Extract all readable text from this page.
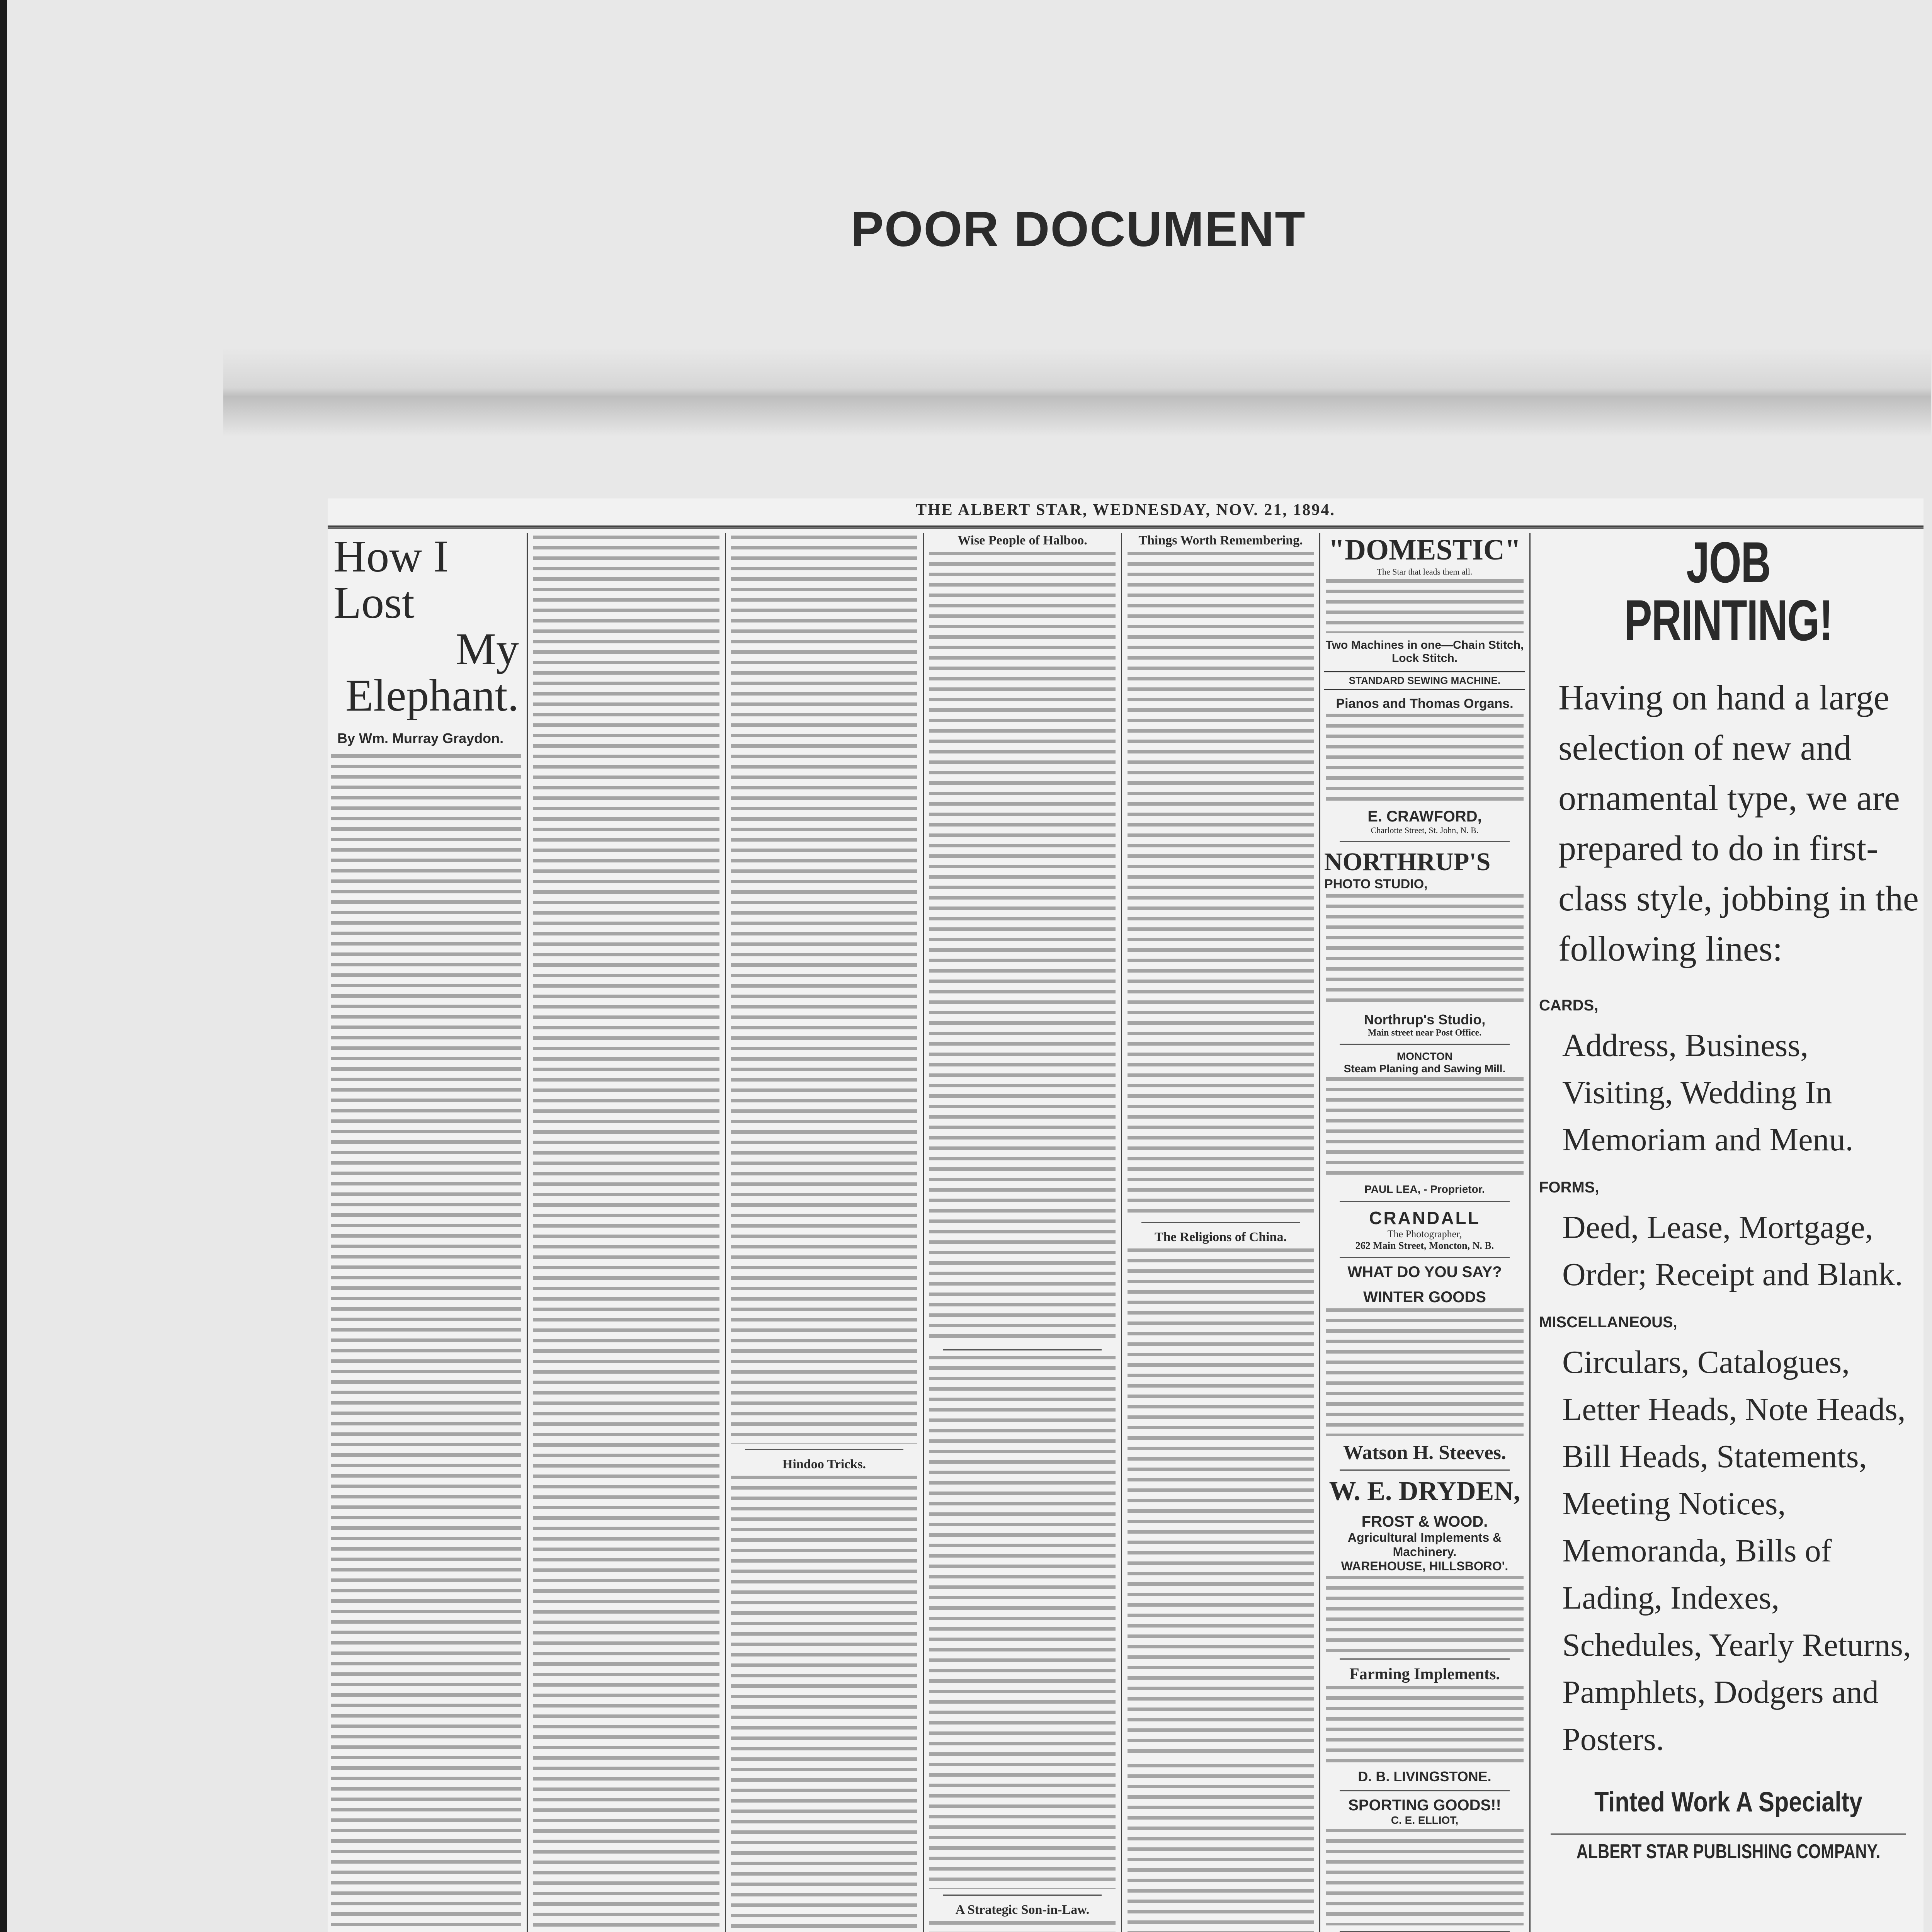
POOR DOCUMENT
THE ALBERT STAR, WEDNESDAY, NOV. 21, 1894.
How I Lost
My Elephant.
By Wm. Murray Graydon.
Hindoo Tricks.
Wise People of Halboo.
A Strategic Son-in-Law.
Things Worth Remembering.
The Religions of China.
"DOMESTIC"
The Star that leads them all.
Two Machines in one—Chain Stitch, Lock Stitch.
STANDARD SEWING MACHINE.
Pianos and Thomas Organs.
E. CRAWFORD,
Charlotte Street, St. John, N. B.
NORTHRUP'S
PHOTO STUDIO,
Northrup's Studio,
Main street near Post Office.
MONCTON
Steam Planing and Sawing Mill.
PAUL LEA, - Proprietor.
CRANDALL
The Photographer,
262 Main Street, Moncton, N. B.
WHAT DO YOU SAY?
WINTER GOODS
Watson H. Steeves.
W. E. DRYDEN,
FROST & WOOD.
Agricultural Implements & Machinery.
WAREHOUSE, HILLSBORO'.
Farming Implements.
D. B. LIVINGSTONE.
SPORTING GOODS!!
C. E. ELLIOT,
JOB PRINTING!
Having on hand a large selection of new and ornamental type, we are prepared to do in first-class style, jobbing in the following lines:
CARDS,
Address, Business, Visiting, Wedding In Memoriam and Menu.
FORMS,
Deed, Lease, Mortgage, Order; Receipt and Blank.
MISCELLANEOUS,
Circulars, Catalogues, Letter Heads, Note Heads, Bill Heads, Statements, Meeting Notices, Memoranda, Bills of Lading, Indexes, Schedules, Yearly Returns, Pamphlets, Dodgers and Posters.
Tinted Work A Specialty
ALBERT STAR PUBLISHING COMPANY.
